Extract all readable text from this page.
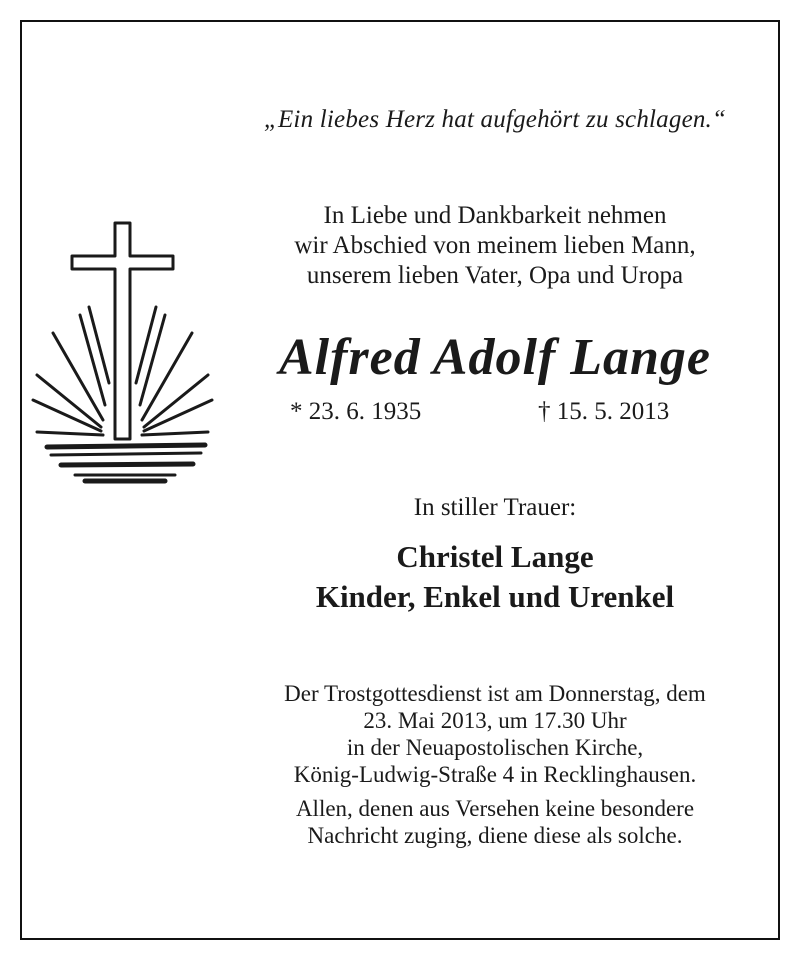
„Ein liebes Herz hat aufgehört zu schlagen.“
In Liebe und Dankbarkeit nehmen
wir Abschied von meinem lieben Mann,
unserem lieben Vater, Opa und Uropa
Alfred Adolf Lange
* 23. 6. 1935	† 15. 5. 2013
In stiller Trauer:
Christel Lange
Kinder, Enkel und Urenkel
Der Trostgottesdienst ist am Donnerstag, dem
23. Mai 2013, um 17.30 Uhr
in der Neuapostolischen Kirche,
König-Ludwig-Straße 4 in Recklinghausen.
Allen, denen aus Versehen keine besondere
Nachricht zuging, diene diese als solche.
